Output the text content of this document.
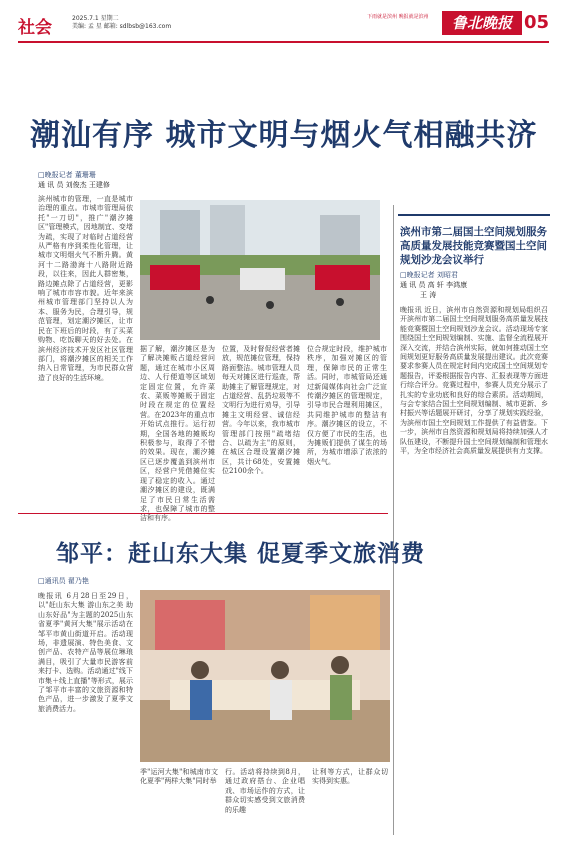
社会	2025.7.1 星期二
美编: 孟 星 邮箱: sdlbsb@163.com
下雨就是滨州 晚报就是滨州	鲁北晚报 05
潮汕有序 城市文明与烟火气相融共济
□晚报记者 董珊珊
通 讯 员 刘俊杰 王建修
滨州城市的管理，一直是城市治理的重点。市城市管理局依托"一刀切"，推广"潮汐摊区"管理模式，因地制宜、变堵为疏，实现了对临时占道经营从严格有序到柔性化管理，让城市文明烟火气不断升腾。黄河十二路渤海十八路附近路段，以往来，因此人群密集，路边摊点除了占道经营，更影响了城市市容市貌。近年来滨州城市管理部门坚持以人为本、服务为民，合理引导，规范管理，划定潮汐摊区，让市民在下班后的时段，有了买菜购物、吃饭聊天的好去处。在滨州经济技术开发区社区管理部门，将潮汐摊区的相关工作纳入日常管理，为市民群众营造了良好的生活环境。
据了解，潮汐摊区是为了解决摊贩占道经营问题，通过在城市小区周边、人行便道等区域划定固定位置，允许菜农、菜贩等摊贩于固定时段在规定的位置经营。在2023年的重点市开始试点推行。运行初期，全国各地的摊贩均积极参与，取得了不错的效果。现在，潮汐摊区已逐步覆盖到滨州市区，经营户凭借摊位实现了稳定的收入。通过潮汐摊区的建设，既满足了市民日常生活需求，也保障了城市的整洁和有序。
位置，及时督促经营者摊放，规范摊位管理，保持路面整洁。城市管理人员每天对摊区进行巡查，帮助摊主了解管理规定，对占道经营、乱扔垃圾等不文明行为进行劝导，引导摊主文明经营、诚信经营。今年以来，我市城市管理部门按照"疏堵结合、以疏为主"的原则，在城区合理设置潮汐摊区，共计68处，安置摊位2100余个。
位合规定时段，维护城市秩序，加强对摊区的管理，保障市民的正常生活。同时，市城管局还通过新闻媒体向社会广泛宣传潮汐摊区的管理规定，引导市民合理利用摊区，共同维护城市的整洁有序。潮汐摊区的设立，不仅方便了市民的生活，也为摊贩们提供了谋生的场所，为城市增添了浓浓的烟火气。
滨州市第二届国土空间规划服务高质量发展技能竞赛暨国土空间规划沙龙会议举行
□晚报记者 刘昭君
通 讯 员 高 轩 李鸿康
王 涛
晚报讯 近日，滨州市自然资源和规划局组织召开滨州市第二届国土空间规划服务高质量发展技能竞赛暨国土空间规划沙龙会议。活动现场专家围绕国土空间规划编制、实施、监督全流程展开深入交流，并结合滨州实际，就如何推动国土空间规划更好服务高质量发展提出建议。此次竞赛要求参赛人员在规定时间内完成国土空间规划专题报告，评委根据报告内容、汇报表现等方面进行综合评分。竞赛过程中，参赛人员充分展示了扎实的专业功底和良好的综合素质。活动期间，与会专家结合国土空间规划编制、城市更新、乡村振兴等话题展开研讨，分享了规划实践经验，为滨州市国土空间规划工作提供了有益借鉴。下一步，滨州市自然资源和规划局将持续加强人才队伍建设，不断提升国土空间规划编制和管理水平，为全市经济社会高质量发展提供有力支撑。
邹平：赶山东大集 促夏季文旅消费
□通讯员 翟乃艳
晚报讯 6月28日至29日，以"赶山东大集 游山东之美 助山东好品"为主题的2025山东省夏季"黄河大集"展示活动在邹平市黄山街道开启。活动现场，非遗展演、特色美食、文创产品、农特产品等展位琳琅满目，吸引了大量市民游客前来打卡、选购。活动通过"线下市集＋线上直播"等形式，展示了邹平市丰富的文旅资源和特色产品，进一步激发了夏季文旅消费活力。
季"运河大集"和城南市文化夏季"两样大集"同时举
行。活动将持续到8月，通过政府搭台、企业唱戏、市场运作的方式，让群众切实感受到文旅消费的乐趣
让利等方式，让群众切实得到实惠。
